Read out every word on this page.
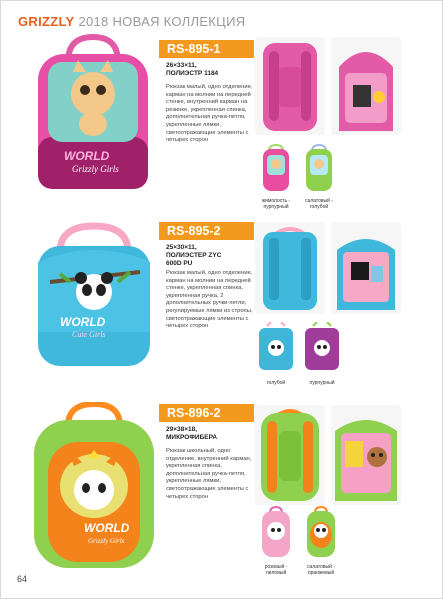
GRIZZLY 2018 НОВАЯ КОЛЛЕКЦИЯ
WORLD
Grizzly Girls
RS-895-1
26×33×11,
ПОЛИЭСТР 1184
Рюкзак малый, одно отделение, карман на молнии на передней стенке, внутренний карман на резинке, укрепленная спинка, дополнительная ручка-петля, укрепленные лямки, светоотражающие элементы с четырех сторон
жимолость - пурпурный
салатовый - голубой
WORLD
Cute Girls
RS-895-2
25×30×11,
ПОЛИЭСТЕР ZYC
600D PU
Рюкзак малый, одно отделение, карман на молнии на передней стенке, укрепленная спинка, укрепленная ручка, 2 дополнительных ручки-петли, регулируемые лямки из стропы, светоотражающие элементы с четырех сторон
голубой	пурпурный
WORLD
Grizzly Girls
RS-896-2
29×38×18,
МИКРОФИБЕРА
Рюкзак школьный, одно отделение, внутренний карман, укрепленная спинка, дополнительная ручка-петля, укрепленные лямки, светоотражающие элементы с четырех сторон
розовый - лиловый
салатовый - оранжевый
64
